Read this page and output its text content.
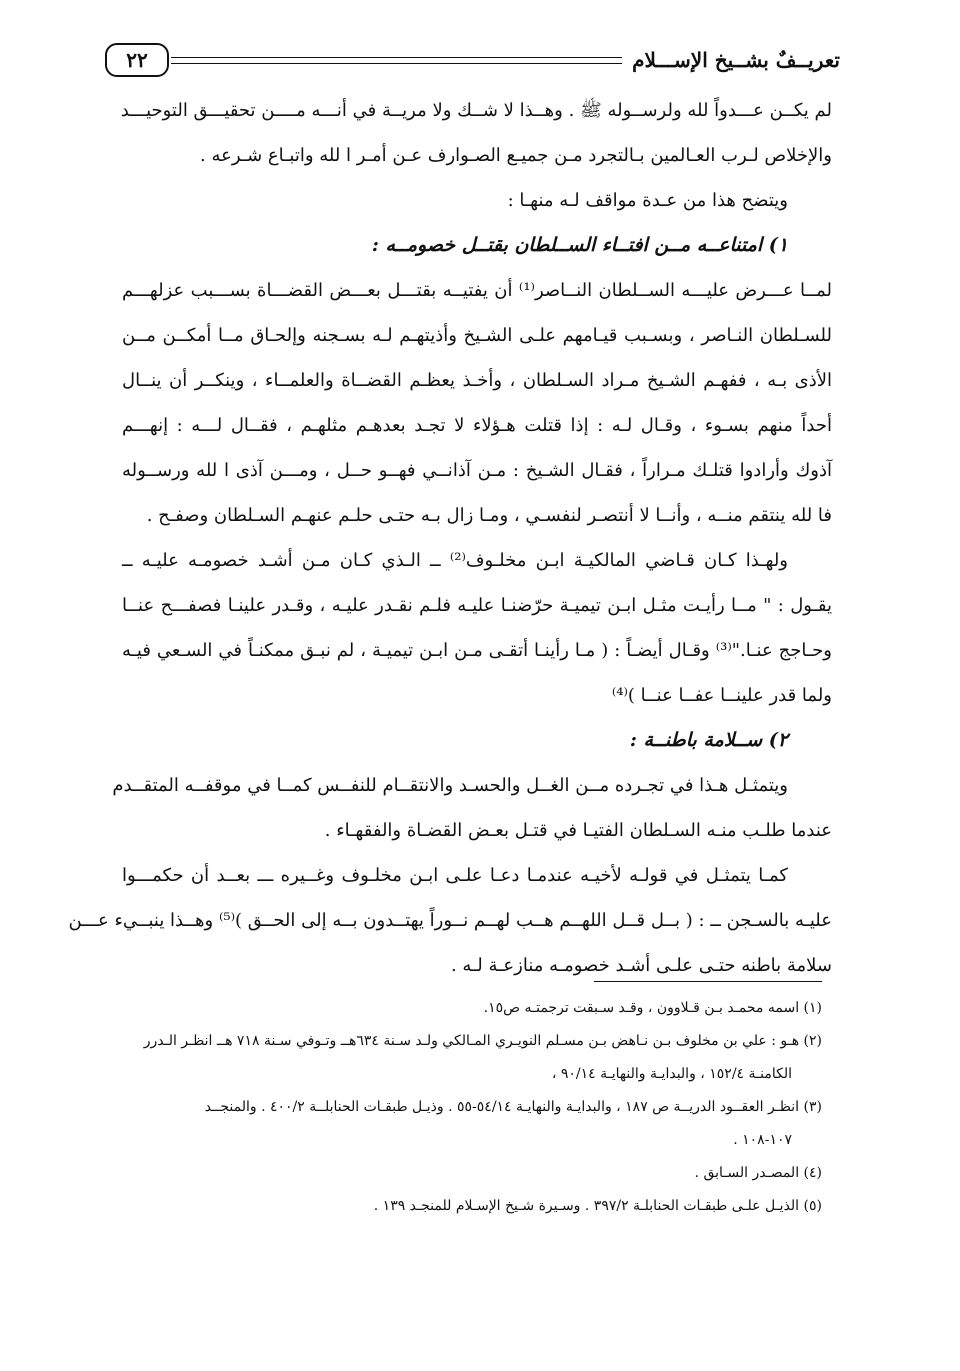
تعريــفٌ بشــيخ الإســـلام
٢٢
لم يكــن عـــدواً لله ولرســوله ﷺ . وهــذا لا شــك ولا مريــة في أنـــه مــــن تحقيـــق التوحيـــد
والإخلاص لـرب العـالمين بـالتجرد مـن جميـع الصـوارف عـن أمـر ا لله واتبـاع شـرعه .
ويتضح هذا من عـدة مواقف لـه منهـا :
١) امتناعــه مــن افتــاء الســلطان بقتــل خصومــه :
لمــا عـــرض عليـــه الســلطان النــاصر⁽¹⁾ أن يفتيــه بقتـــل بعـــض القضـــاة بســـبب عزلهـــم
للسـلطان النـاصر ، وبسـبب قيـامهم علـى الشـيخ وأذيتهـم لـه بسـجنه وإلحـاق مــا أمكــن مــن
الأذى بـه ، ففهـم الشـيخ مـراد السـلطان ، وأخـذ يعظـم القضــاة والعلمــاء ، وينكــر أن ينــال
أحداً منهم بسـوء ، وقـال لـه : إذا قتلت هـؤلاء لا تجـد بعدهـم مثلهـم ، فقــال لـــه : إنهـــم
آذوك وأرادوا قتلـك مـراراً ، فقـال الشـيخ : مـن آذانــي فهــو حــل ، ومـــن آذى ا لله ورســوله
فا لله ينتقم منــه ، وأنــا لا أنتصـر لنفسـي ، ومـا زال بـه حتـى حلـم عنهـم السـلطان وصفـح .
ولهـذا كـان قـاضي المالكيـة ابـن مخلـوف⁽²⁾ ــ الـذي كـان مـن أشـد خصومـه عليـه ــ
يقـول : " مــا رأيـت مثـل ابـن تيميـة حرّضنـا عليـه فلـم نقـدر عليـه ، وقـدر علينـا فصفـــح عنــا
وحـاجج عنـا."⁽³⁾ وقـال أيضـاً : ( مـا رأينـا أتقـى مـن ابـن تيميـة ، لم نبـق ممكنـاً في السـعي فيـه
ولما قدر علينــا عفــا عنــا )⁽⁴⁾
٢) ســلامة باطنــة :
ويتمثـل هـذا في تجـرده مــن الغــل والحسـد والانتقــام للنفــس كمــا في موقفــه المتقــدم
عندما طلـب منـه السـلطان الفتيـا في قتـل بعـض القضـاة والفقهـاء .
كمـا يتمثـل في قولـه لأخيـه عندمـا دعـا علـى ابـن مخلـوف وغــيره ـــ بعــد أن حكمـــوا
عليـه بالسـجن ــ : ( بــل قــل اللهــم هــب لهــم نــوراً يهتــدون بــه إلى الحــق )⁽⁵⁾ وهــذا ينبــيء عـــن
سلامة باطنه حتـى علـى أشـد خصومـه منازعـة لـه .
(١) اسمه محمـد بـن قـلاوون ، وقـد سـبقت ترجمتـه ص١٥.
(٢) هـو : علي بن مخلوف بـن نـاهض بـن مسـلم النويـري المـالكي ولـد سـنة ٦٣٤هــ وتـوفي سـنة ٧١٨ هــ انظـر الـدرر
الكامنـة ١٥٢/٤ ، والبدايـة والنهايـة ٩٠/١٤ ،
(٣) انظـر العقــود الدريــة ص ١٨٧ ، والبدايـة والنهايـة ٥٤/١٤-٥٥ . وذيـل طبقـات الحنابلــة ٤٠٠/٢ . والمنجــد
١٠٧-١٠٨ .
(٤) المصـدر السـابق .
(٥) الذيـل علـى طبقـات الحنابلـة ٣٩٧/٢ . وسـيرة شـيخ الإسـلام للمنجـد ١٣٩ .
